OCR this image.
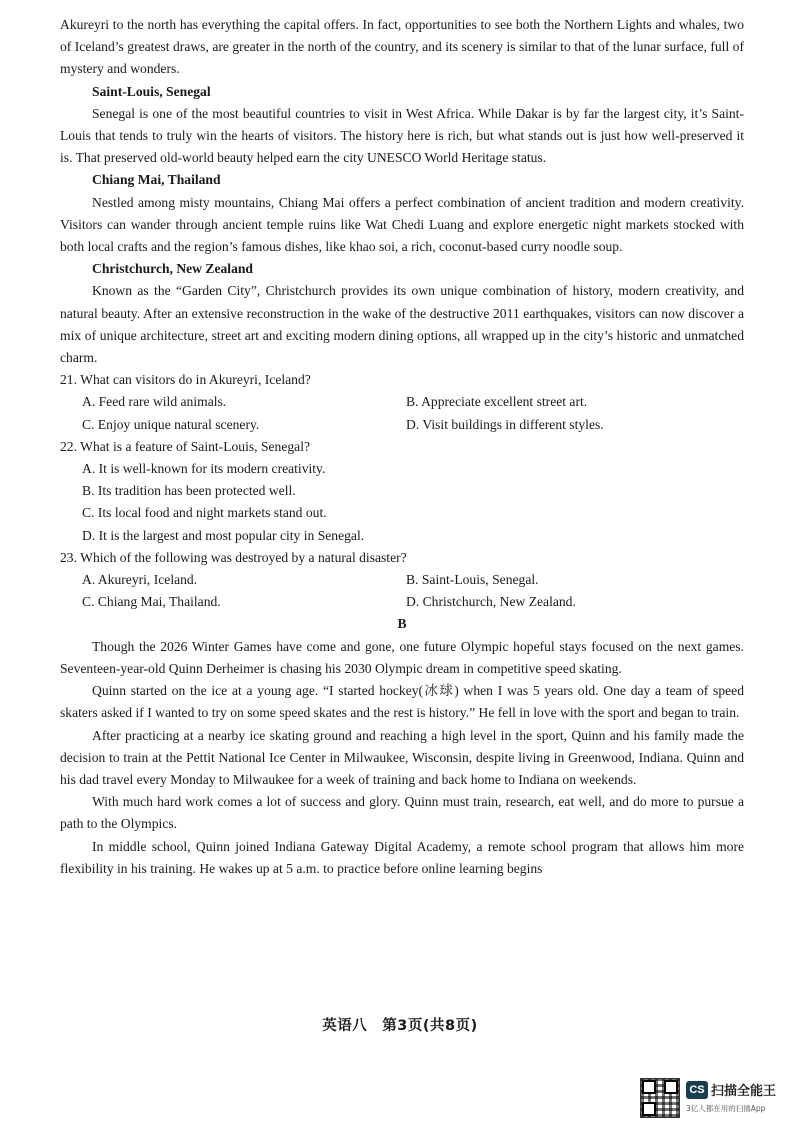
Akureyri to the north has everything the capital offers. In fact, opportunities to see both the Northern Lights and whales, two of Iceland’s greatest draws, are greater in the north of the country, and its scenery is similar to that of the lunar surface, full of mystery and wonders.

Saint-Louis, Senegal

Senegal is one of the most beautiful countries to visit in West Africa. While Dakar is by far the largest city, it’s Saint-Louis that tends to truly win the hearts of visitors. The history here is rich, but what stands out is just how well-preserved it is. That preserved old-world beauty helped earn the city UNESCO World Heritage status.

Chiang Mai, Thailand

Nestled among misty mountains, Chiang Mai offers a perfect combination of ancient tradition and modern creativity. Visitors can wander through ancient temple ruins like Wat Chedi Luang and explore energetic night markets stocked with both local crafts and the region’s famous dishes, like khao soi, a rich, coconut-based curry noodle soup.

Christchurch, New Zealand

Known as the “Garden City”, Christchurch provides its own unique combination of history, modern creativity, and natural beauty. After an extensive reconstruction in the wake of the destructive 2011 earthquakes, visitors can now discover a mix of unique architecture, street art and exciting modern dining options, all wrapped up in the city’s historic and unmatched charm.

21. What can visitors do in Akureyri, Iceland?

A. Feed rare wild animals.	B. Appreciate excellent street art.
C. Enjoy unique natural scenery.	D. Visit buildings in different styles.

22. What is a feature of Saint-Louis, Senegal?

A. It is well-known for its modern creativity.

B. Its tradition has been protected well.

C. Its local food and night markets stand out.

D. It is the largest and most popular city in Senegal.

23. Which of the following was destroyed by a natural disaster?

A. Akureyri, Iceland.	B. Saint-Louis, Senegal.
C. Chiang Mai, Thailand.	D. Christchurch, New Zealand.

B

Though the 2026 Winter Games have come and gone, one future Olympic hopeful stays focused on the next games. Seventeen-year-old Quinn Derheimer is chasing his 2030 Olympic dream in competitive speed skating.

Quinn started on the ice at a young age. “I started hockey(冰球) when I was 5 years old. One day a team of speed skaters asked if I wanted to try on some speed skates and the rest is history.” He fell in love with the sport and began to train.

After practicing at a nearby ice skating ground and reaching a high level in the sport, Quinn and his family made the decision to train at the Pettit National Ice Center in Milwaukee, Wisconsin, despite living in Greenwood, Indiana. Quinn and his dad travel every Monday to Milwaukee for a week of training and back home to Indiana on weekends.

With much hard work comes a lot of success and glory. Quinn must train, research, eat well, and do more to pursue a path to the Olympics.

In middle school, Quinn joined Indiana Gateway Digital Academy, a remote school program that allows him more flexibility in his training. He wakes up at 5 a.m. to practice before online learning begins

英语八　第3页(共8页)
CS 扫描全能王
3亿人都在用的扫描App
